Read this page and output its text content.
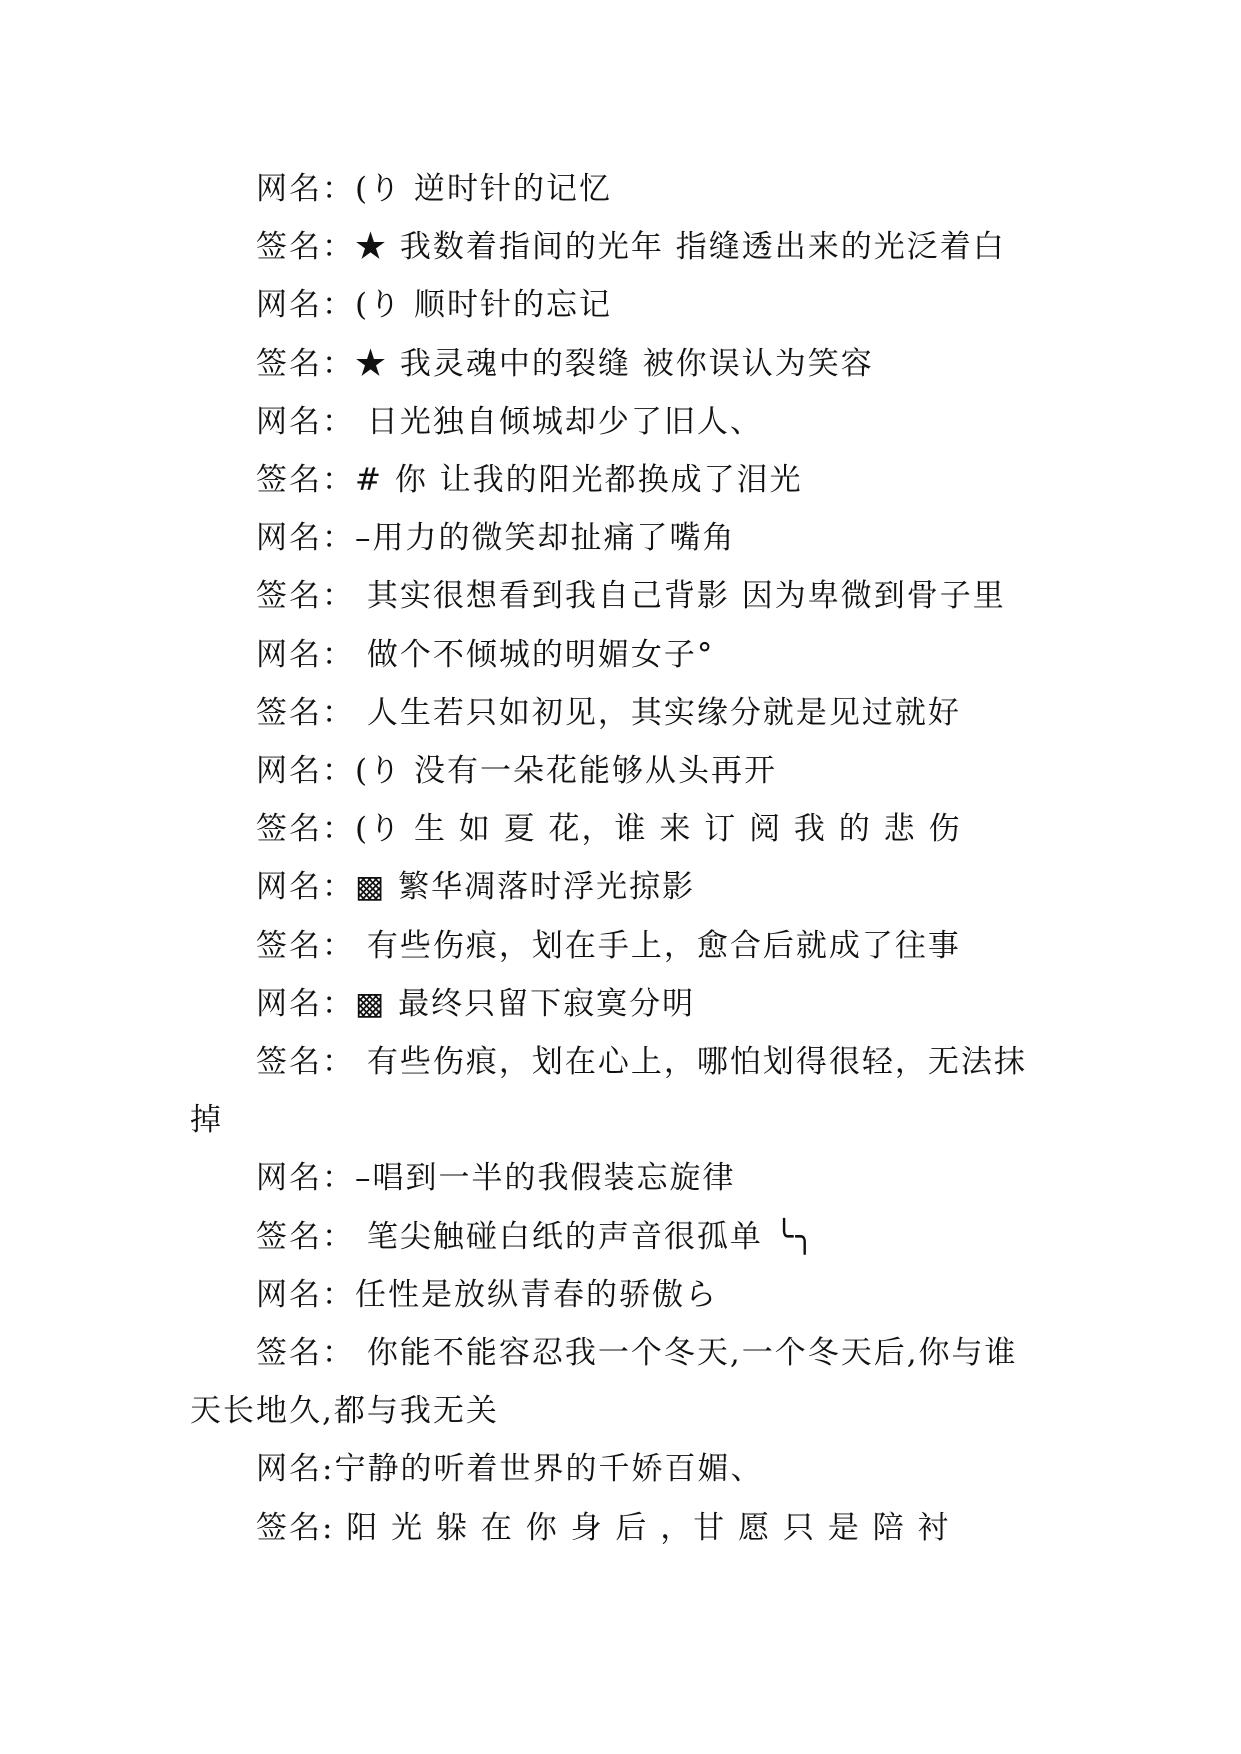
网名：(り 逆时针的记忆

签名：★ 我数着指间的光年 指缝透出来的光泛着白

网名：(り 顺时针的忘记

签名：★ 我灵魂中的裂缝 被你误认为笑容

网名： 日光独自倾城却少了旧人、

签名：# 你 让我的阳光都换成了泪光

网名：–用力的微笑却扯痛了嘴角

签名： 其实很想看到我自己背影 因为卑微到骨子里

网名： 做个不倾城的明媚女子°

签名： 人生若只如初见，其实缘分就是见过就好

网名：(り 没有一朵花能够从头再开

签名：(り 生 如 夏 花，谁 来 订 阅 我 的 悲 伤

网名：▩ 繁华凋落时浮光掠影

签名： 有些伤痕，划在手上，愈合后就成了往事

网名：▩ 最终只留下寂寞分明

签名： 有些伤痕，划在心上，哪怕划得很轻，无法抹掉

网名：–唱到一半的我假装忘旋律

签名： 笔尖触碰白纸的声音很孤单 ╰╮

网名：任性是放纵青春的骄傲ら

签名： 你能不能容忍我一个冬天,一个冬天后,你与谁天长地久,都与我无关

网名:宁静的听着世界的千娇百媚、

签名: 阳 光 躲 在 你 身 后 ，甘 愿 只 是 陪 衬
